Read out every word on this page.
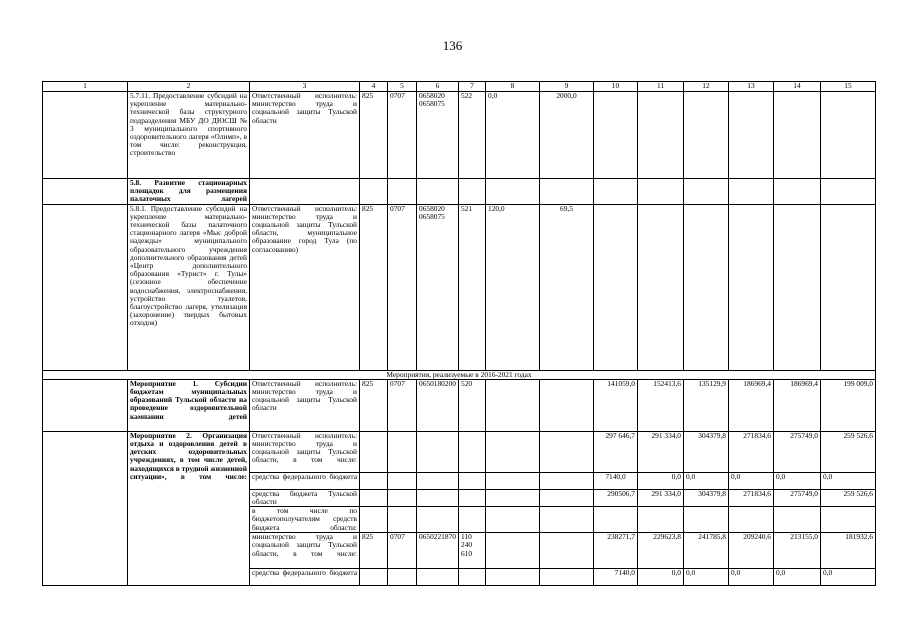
136
1	2	3	4	5	6	7	8	9	10	11	12	13	14	15
	5.7.11. Предоставление субсидий на укрепление материально-технической базы структурного подразделения МБУ ДО ДЮСШ № 3 муниципального спортивного оздоровительного лагеря «Олимп», в том числе: реконструкция, строительство	Ответственный исполнитель: министерство труда и социальной защиты Тульской области	825	0707	0658020 0658075	522	0,0	2000,0						
	5.8. Развитие стационарных площадок для размещения палаточных лагерей													
	5.8.1. Предоставление субсидий на укрепление материально-технической базы палаточного стационарного лагеря «Мыс доброй надежды» муниципального образовательного учреждения дополнительного образования детей «Центр дополнительного образования «Турист» г. Тулы» (сезонное обеспечение водоснабжения, электроснабжения, устройство туалетов, благоустройство лагеря, утилизация (захоронение) твердых бытовых отходов)	Ответственный исполнитель: министерство труда и социальной защиты Тульской области, муниципальное образование город Тула (по согласованию)	825	0707	0658020 0658075	521	120,0	69,5						
Мероприятия, реализуемые в 2016-2021 годах														
	Мероприятие 1. Субсидии бюджетам муниципальных образований Тульской области на проведение оздоровительной кампании детей	Ответственный исполнитель: министерство труда и социальной защиты Тульской области	825	0707	0650180200	520			141059,0	152413,6	135129,9	186969,4	186969,4	199 009,0
	Мероприятие 2. Организация отдыха и оздоровления детей в детских оздоровительных учреждениях, в том числе детей, находящихся в трудной жизненной ситуации», в том числе:	Ответственный исполнитель: министерство труда и социальной защиты Тульской области, в том числе:							297 646,7	291 334,0	304379,8	271834,6	275749,0	259 526,6
		средства федерального бюджета							7140,0	0,0	0,0	0,0	0,0	0,0
		средства бюджета Тульской области							290506,7	291 334,0	304379,8	271834,6	275749,0	259 526,6
		в том числе по бюджетополучателям средств бюджета области:												
		министерство труда и социальной защиты Тульской области, в том числе:	825	0707	0650221870	110 240 610			238271,7	229623,8	241785,8	209240,6	213155,0	181932,6
		средства федерального бюджета							7140,0	0,0	0,0	0,0	0,0	0,0
